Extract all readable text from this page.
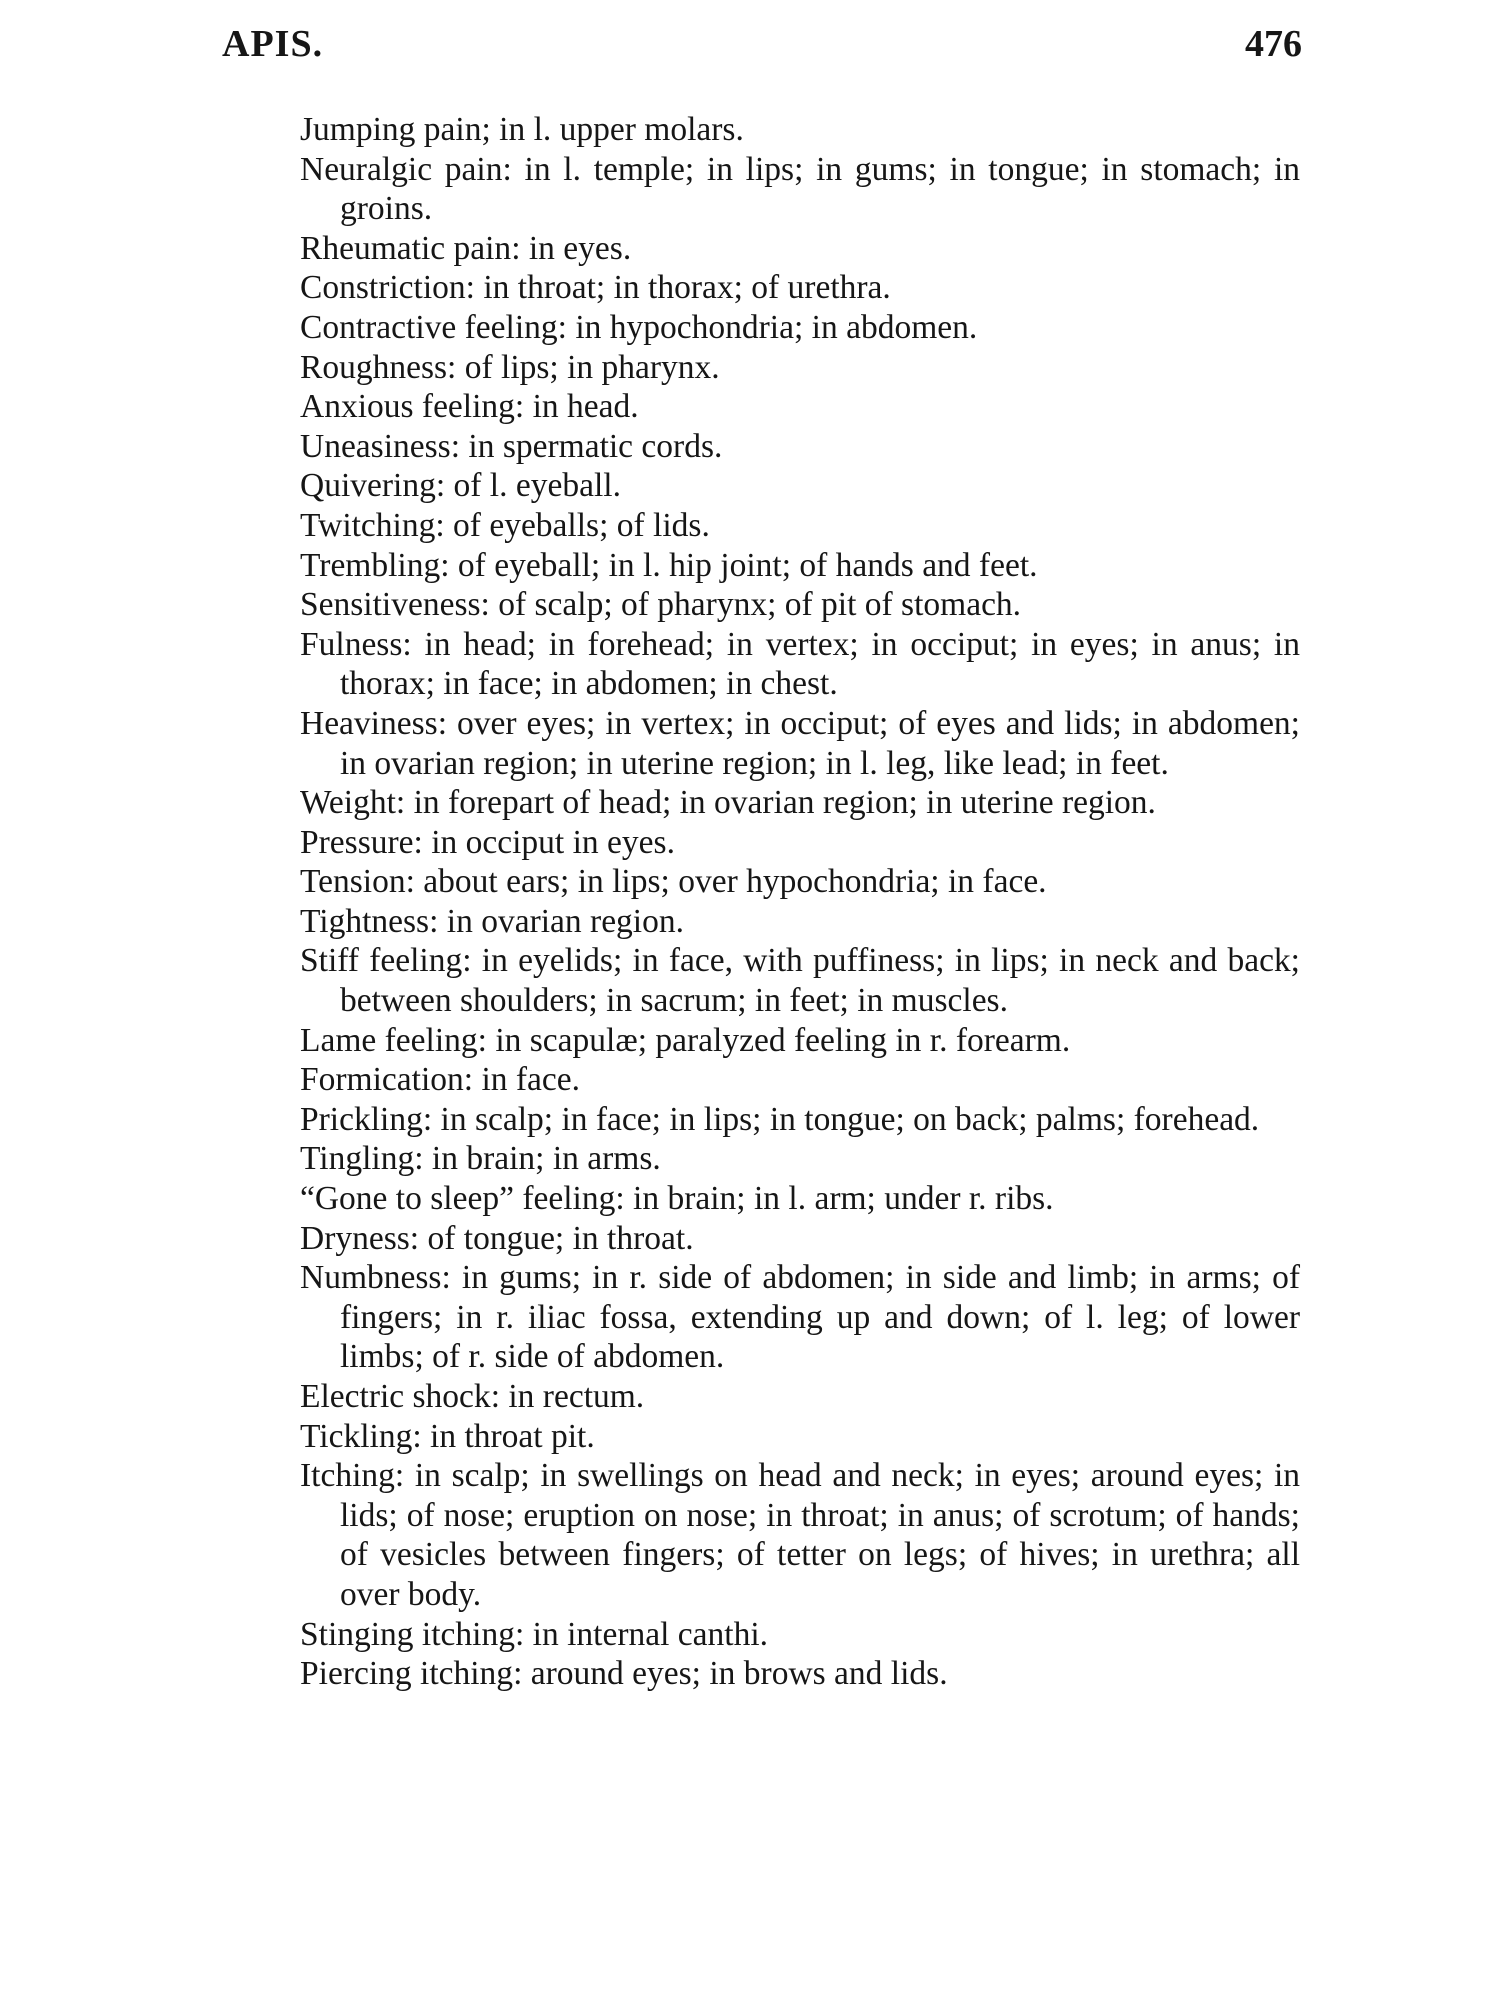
APIS.	476
Jumping pain; in l. upper molars.
Neuralgic pain: in l. temple; in lips; in gums; in tongue; in stomach; in groins.
Rheumatic pain: in eyes.
Constriction: in throat; in thorax; of urethra.
Contractive feeling: in hypochondria; in abdomen.
Roughness: of lips; in pharynx.
Anxious feeling: in head.
Uneasiness: in spermatic cords.
Quivering: of l. eyeball.
Twitching: of eyeballs; of lids.
Trembling: of eyeball; in l. hip joint; of hands and feet.
Sensitiveness: of scalp; of pharynx; of pit of stomach.
Fulness: in head; in forehead; in vertex; in occiput; in eyes; in anus; in thorax; in face; in abdomen; in chest.
Heaviness: over eyes; in vertex; in occiput; of eyes and lids; in abdomen; in ovarian region; in uterine region; in l. leg, like lead; in feet.
Weight: in forepart of head; in ovarian region; in uterine region.
Pressure: in occiput in eyes.
Tension: about ears; in lips; over hypochondria; in face.
Tightness: in ovarian region.
Stiff feeling: in eyelids; in face, with puffiness; in lips; in neck and back; between shoulders; in sacrum; in feet; in muscles.
Lame feeling: in scapulæ; paralyzed feeling in r. forearm.
Formication: in face.
Prickling: in scalp; in face; in lips; in tongue; on back; palms; forehead.
Tingling: in brain; in arms.
“Gone to sleep” feeling: in brain; in l. arm; under r. ribs.
Dryness: of tongue; in throat.
Numbness: in gums; in r. side of abdomen; in side and limb; in arms; of fingers; in r. iliac fossa, extending up and down; of l. leg; of lower limbs; of r. side of abdomen.
Electric shock: in rectum.
Tickling: in throat pit.
Itching: in scalp; in swellings on head and neck; in eyes; around eyes; in lids; of nose; eruption on nose; in throat; in anus; of scrotum; of hands; of vesicles between fingers; of tetter on legs; of hives; in urethra; all over body.
Stinging itching: in internal canthi.
Piercing itching: around eyes; in brows and lids.
